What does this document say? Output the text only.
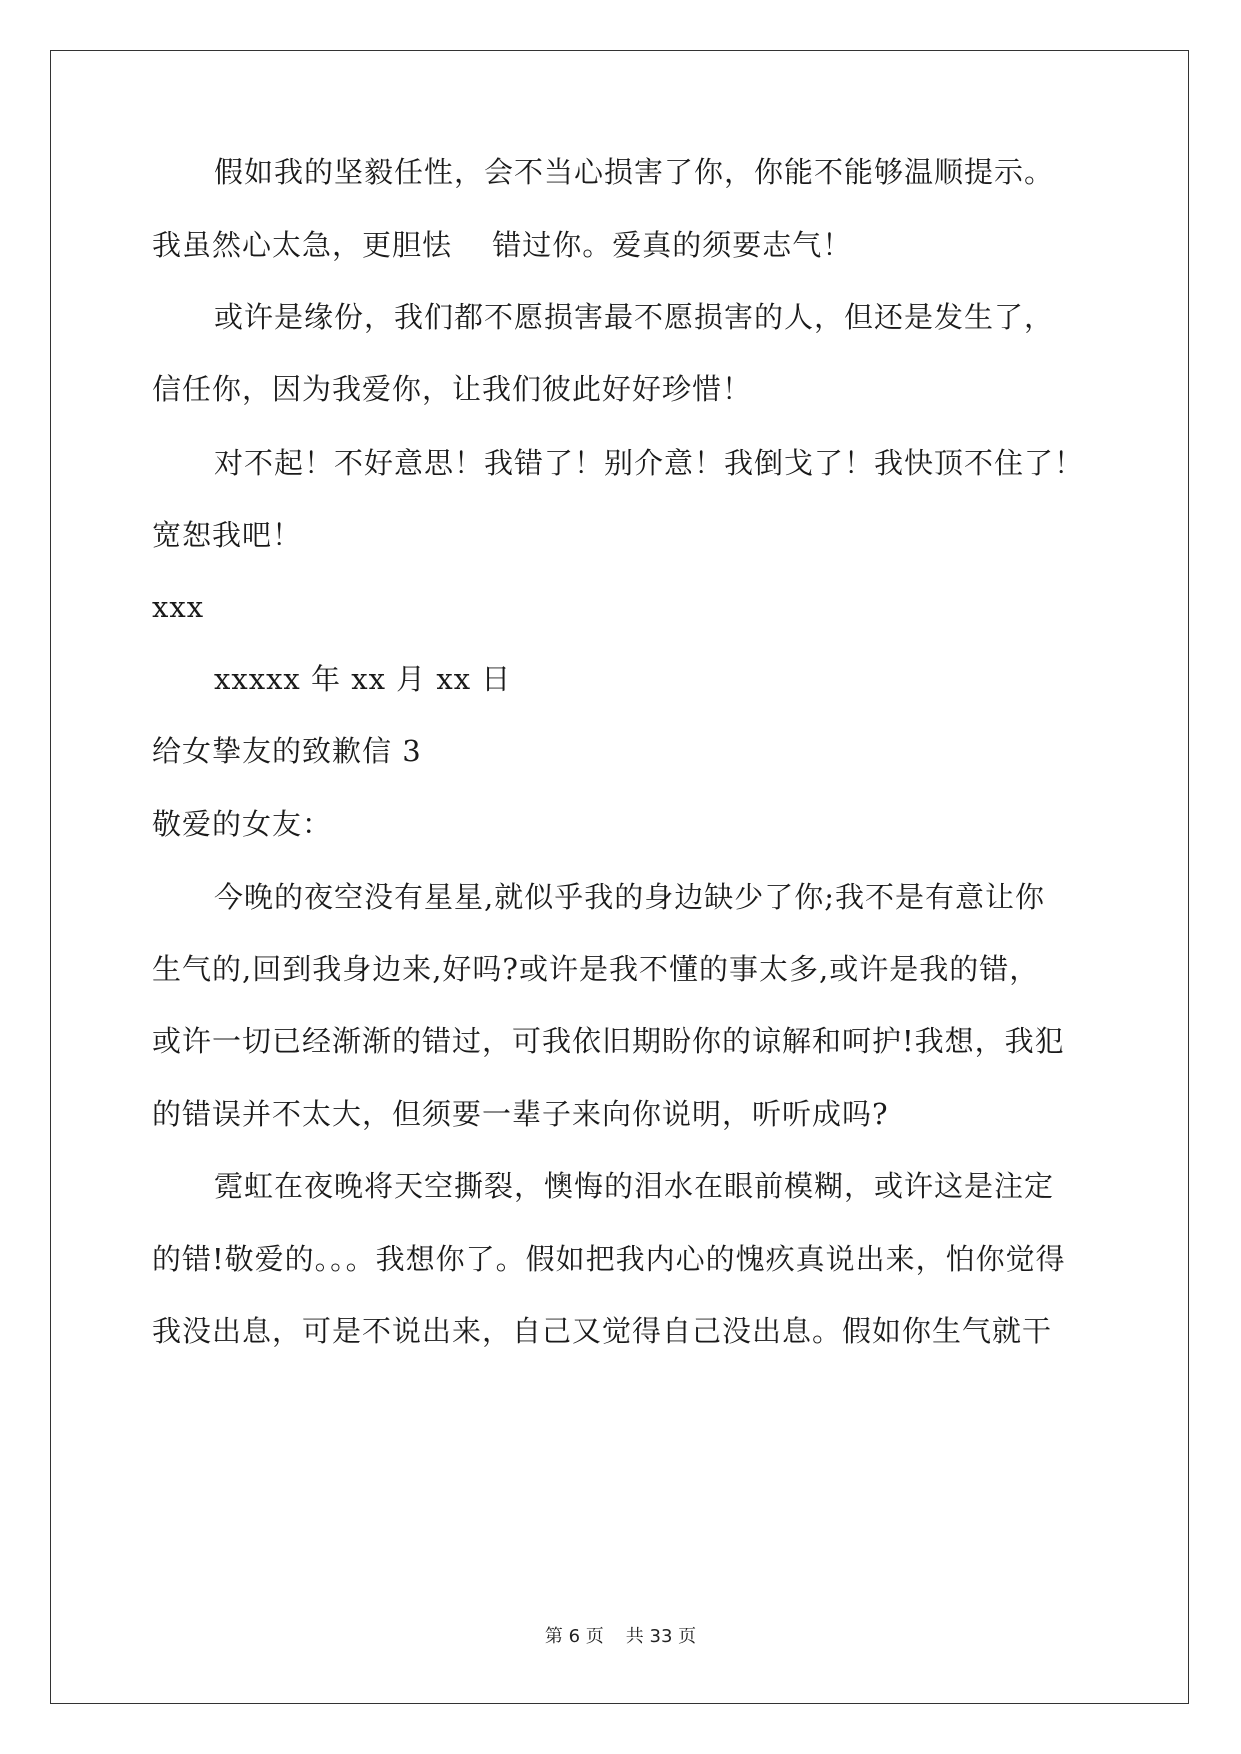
假如我的坚毅任性，会不当心损害了你，你能不能够温顺提示。
我虽然心太急，更胆怯　 错过你。爱真的须要志气！
或许是缘份，我们都不愿损害最不愿损害的人，但还是发生了，
信任你，因为我爱你，让我们彼此好好珍惜！
对不起！不好意思！我错了！别介意！我倒戈了！我快顶不住了！
宽恕我吧！
xxx
xxxxx 年 xx 月 xx 日
给女挚友的致歉信 3
敬爱的女友：
今晚的夜空没有星星,就似乎我的身边缺少了你;我不是有意让你
生气的,回到我身边来,好吗?或许是我不懂的事太多,或许是我的错，
或许一切已经渐渐的错过，可我依旧期盼你的谅解和呵护!我想，我犯
的错误并不太大，但须要一辈子来向你说明，听听成吗?
霓虹在夜晚将天空撕裂，懊悔的泪水在眼前模糊，或许这是注定
的错!敬爱的。。。我想你了。假如把我内心的愧疚真说出来，怕你觉得
我没出息，可是不说出来，自己又觉得自己没出息。假如你生气就干
第 6 页 共 33 页
